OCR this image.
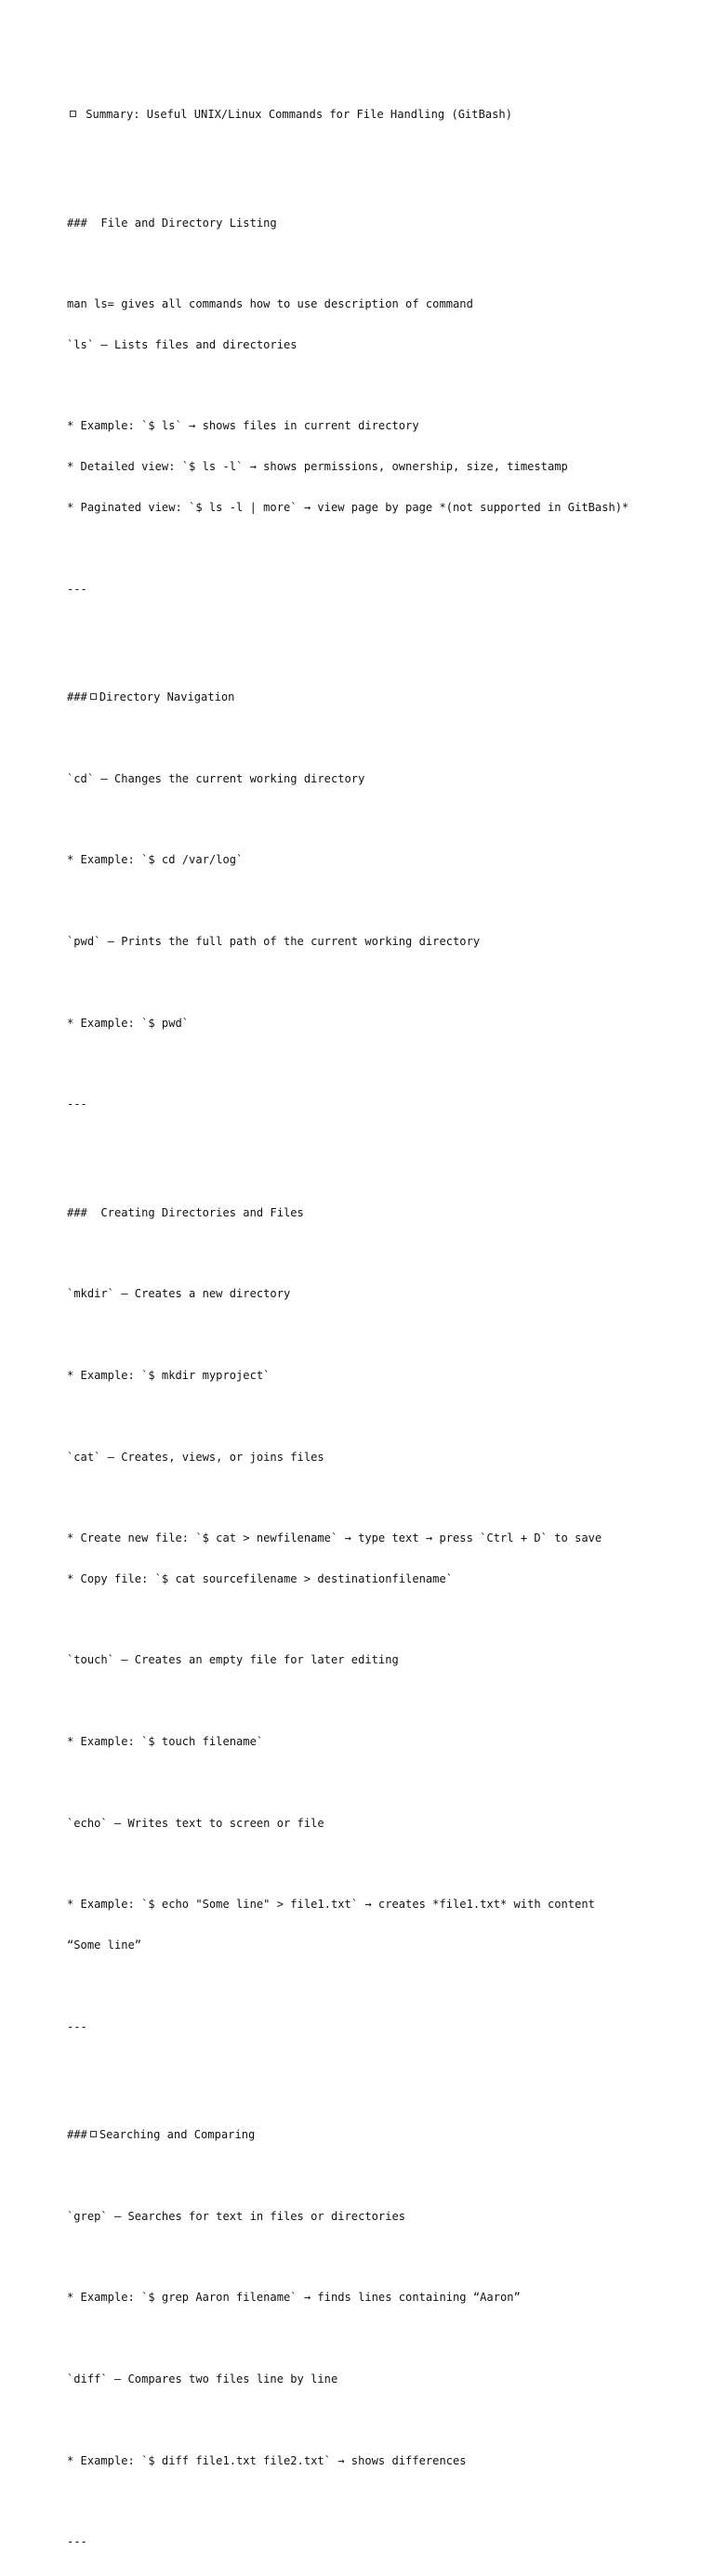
Summary: Useful UNIX/Linux Commands for File Handling (GitBash)

### File and Directory Listing

man ls= gives all commands how to use description of command

`ls` — Lists files and directories

* Example: `$ ls` → shows files in current directory

* Detailed view: `$ ls -l` → shows permissions, ownership, size, timestamp

* Paginated view: `$ ls -l | more` → view page by page *(not supported in GitBash)*

---

### Directory Navigation

`cd` — Changes the current working directory

* Example: `$ cd /var/log`

`pwd` — Prints the full path of the current working directory

* Example: `$ pwd`

---

### Creating Directories and Files

`mkdir` — Creates a new directory

* Example: `$ mkdir myproject`

`cat` — Creates, views, or joins files

* Create new file: `$ cat > newfilename` → type text → press `Ctrl + D` to save

* Copy file: `$ cat sourcefilename > destinationfilename`

`touch` — Creates an empty file for later editing

* Example: `$ touch filename`

`echo` — Writes text to screen or file

* Example: `$ echo "Some line" > file1.txt` → creates *file1.txt* with content

“Some line”

---

### Searching and Comparing

`grep` — Searches for text in files or directories

* Example: `$ grep Aaron filename` → finds lines containing “Aaron”

`diff` — Compares two files line by line

* Example: `$ diff file1.txt file2.txt` → shows differences

---
